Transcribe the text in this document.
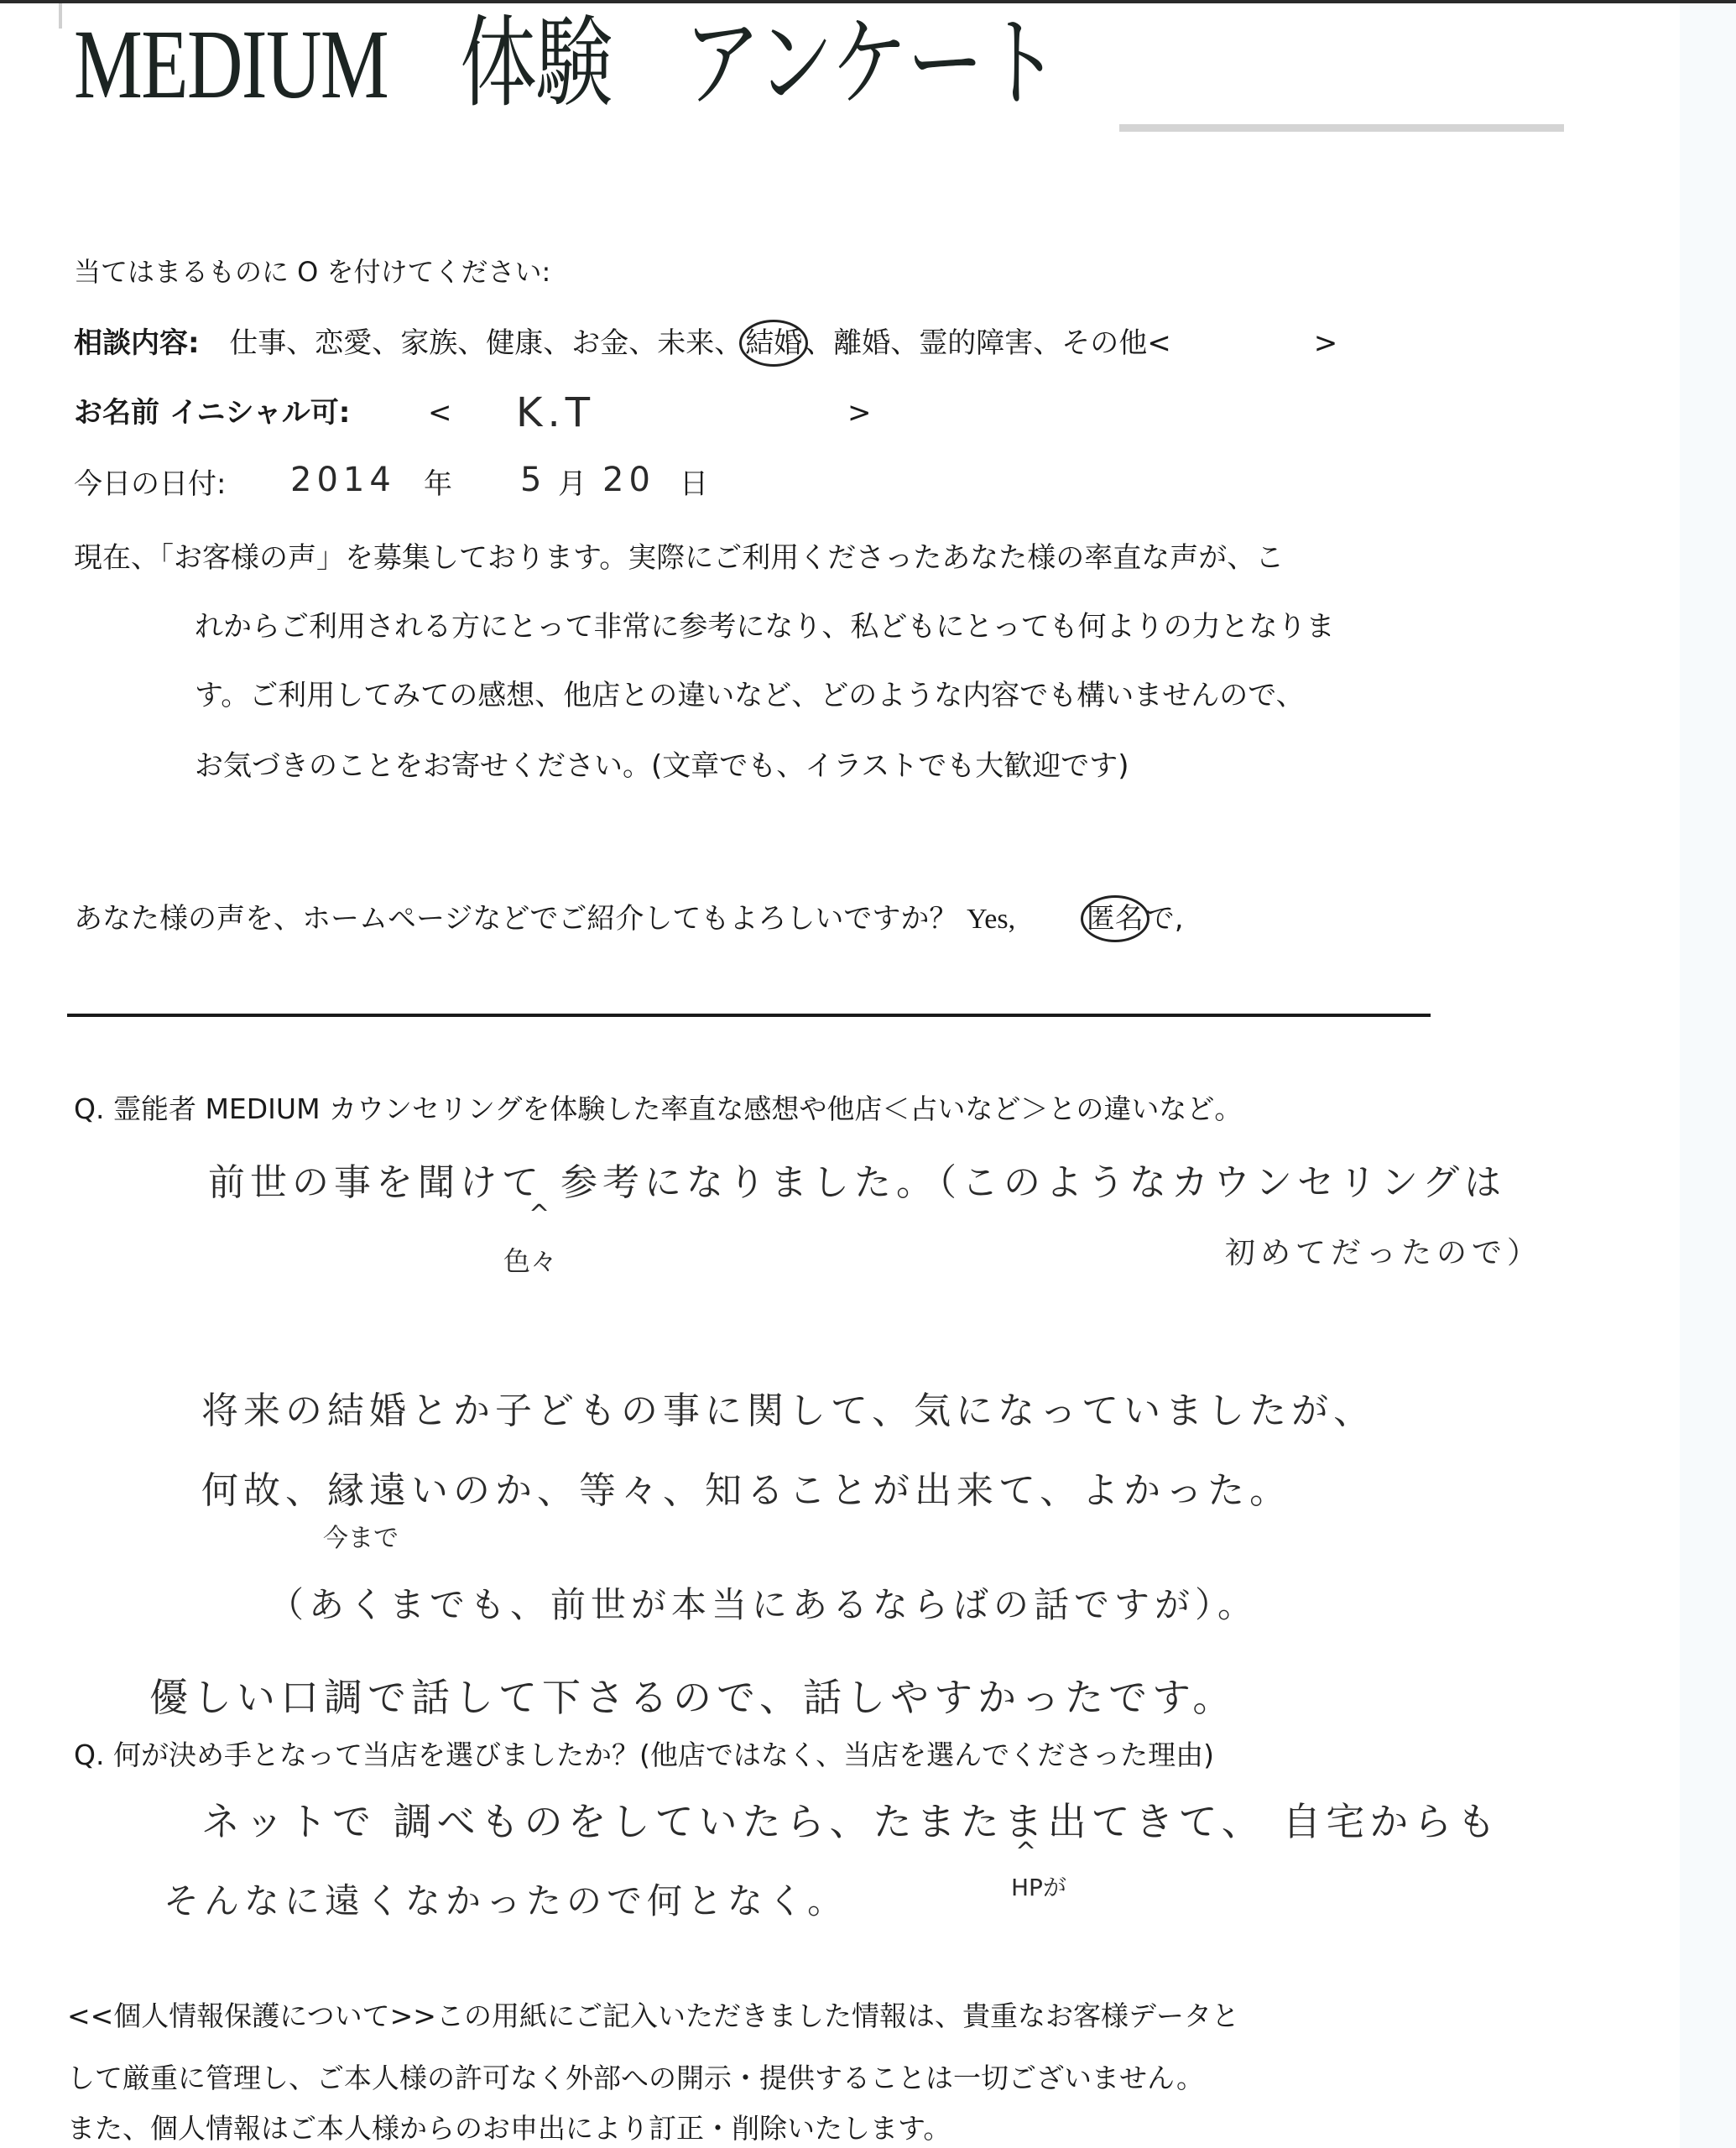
MEDIUM 体験 アンケート
当てはまるものに O を付けてください:
相談内容: 仕事、恋愛、家族、健康、お金、未来、結婚、離婚、霊的障害、その他<	>
お名前 イニシャル可:	< K.T	>
今日の日付: 2014 年 5 月 20 日
現在、「お客様の声」を募集しております。実際にご利用くださったあなた様の率直な声が、こ
れからご利用される方にとって非常に参考になり、私どもにとっても何よりの力となりま
す。ご利用してみての感想、他店との違いなど、どのような内容でも構いませんので、
お気づきのことをお寄せください。(文章でも、イラストでも大歓迎です)
あなた様の声を、ホームページなどでご紹介してもよろしいですか？ Yes, 匿名で,
Q. 霊能者 MEDIUM カウンセリングを体験した率直な感想や他店＜占いなど＞との違いなど。
前世の事を聞けて 参考になりました。（このようなカウンセリングは
^
色々	初めてだったので）
将来の結婚とか子どもの事に関して、気になっていましたが、
何故、縁遠いのか、等々、知ることが出来て、よかった。
今まで
（あくまでも、前世が本当にあるならばの話ですが）。
優しい口調で話して下さるので、話しやすかったです。
Q. 何が決め手となって当店を選びましたか？(他店ではなく、当店を選んでくださった理由)
ネットで 調べものをしていたら、たまたま出てきて、 自宅からも
^
HPが
そんなに遠くなかったので何となく。
<<個人情報保護について>>この用紙にご記入いただきました情報は、貴重なお客様データと
して厳重に管理し、ご本人様の許可なく外部への開示・提供することは一切ございません。
また、個人情報はご本人様からのお申出により訂正・削除いたします。
